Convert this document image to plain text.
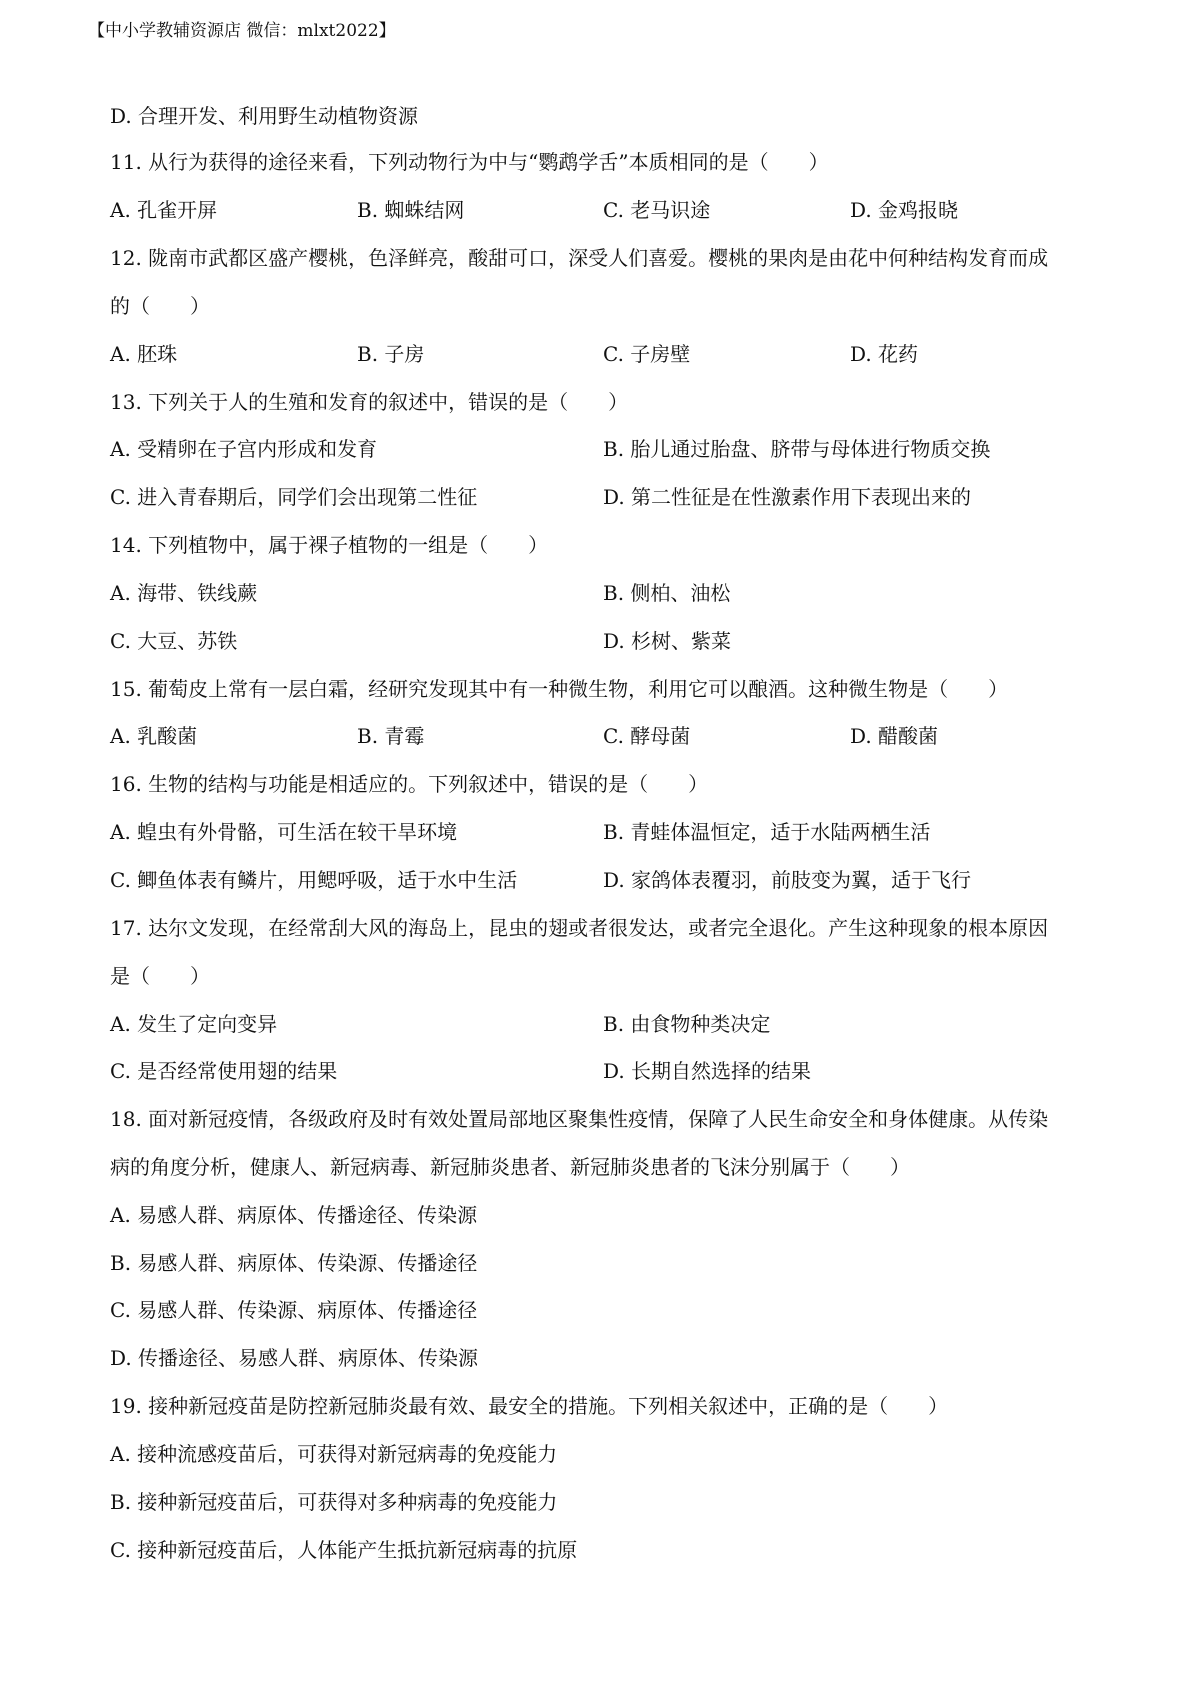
【中小学教辅资源店 微信：mlxt2022】
D. 合理开发、利用野生动植物资源
11. 从行为获得的途径来看，下列动物行为中与“鹦鹉学舌”本质相同的是（　　）
A. 孔雀开屏	B. 蜘蛛结网	C. 老马识途	D. 金鸡报晓
12. 陇南市武都区盛产樱桃，色泽鲜亮，酸甜可口，深受人们喜爱。樱桃的果肉是由花中何种结构发育而成
的（　　）
A. 胚珠	B. 子房	C. 子房壁	D. 花药
13. 下列关于人的生殖和发育的叙述中，错误的是（　　）
A. 受精卵在子宫内形成和发育	B. 胎儿通过胎盘、脐带与母体进行物质交换
C. 进入青春期后，同学们会出现第二性征	D. 第二性征是在性激素作用下表现出来的
14. 下列植物中，属于裸子植物的一组是（　　）
A. 海带、铁线蕨	B. 侧柏、油松
C. 大豆、苏铁	D. 杉树、紫菜
15. 葡萄皮上常有一层白霜，经研究发现其中有一种微生物，利用它可以酿酒。这种微生物是（　　）
A. 乳酸菌	B. 青霉	C. 酵母菌	D. 醋酸菌
16. 生物的结构与功能是相适应的。下列叙述中，错误的是（　　）
A. 蝗虫有外骨骼，可生活在较干旱环境	B. 青蛙体温恒定，适于水陆两栖生活
C. 鲫鱼体表有鳞片，用鳃呼吸，适于水中生活	D. 家鸽体表覆羽，前肢变为翼，适于飞行
17. 达尔文发现，在经常刮大风的海岛上，昆虫的翅或者很发达，或者完全退化。产生这种现象的根本原因
是（　　）
A. 发生了定向变异	B. 由食物种类决定
C. 是否经常使用翅的结果	D. 长期自然选择的结果
18. 面对新冠疫情，各级政府及时有效处置局部地区聚集性疫情，保障了人民生命安全和身体健康。从传染
病的角度分析，健康人、新冠病毒、新冠肺炎患者、新冠肺炎患者的飞沫分别属于（　　）
A. 易感人群、病原体、传播途径、传染源
B. 易感人群、病原体、传染源、传播途径
C. 易感人群、传染源、病原体、传播途径
D. 传播途径、易感人群、病原体、传染源
19. 接种新冠疫苗是防控新冠肺炎最有效、最安全的措施。下列相关叙述中，正确的是（　　）
A. 接种流感疫苗后，可获得对新冠病毒的免疫能力
B. 接种新冠疫苗后，可获得对多种病毒的免疫能力
C. 接种新冠疫苗后，人体能产生抵抗新冠病毒的抗原
